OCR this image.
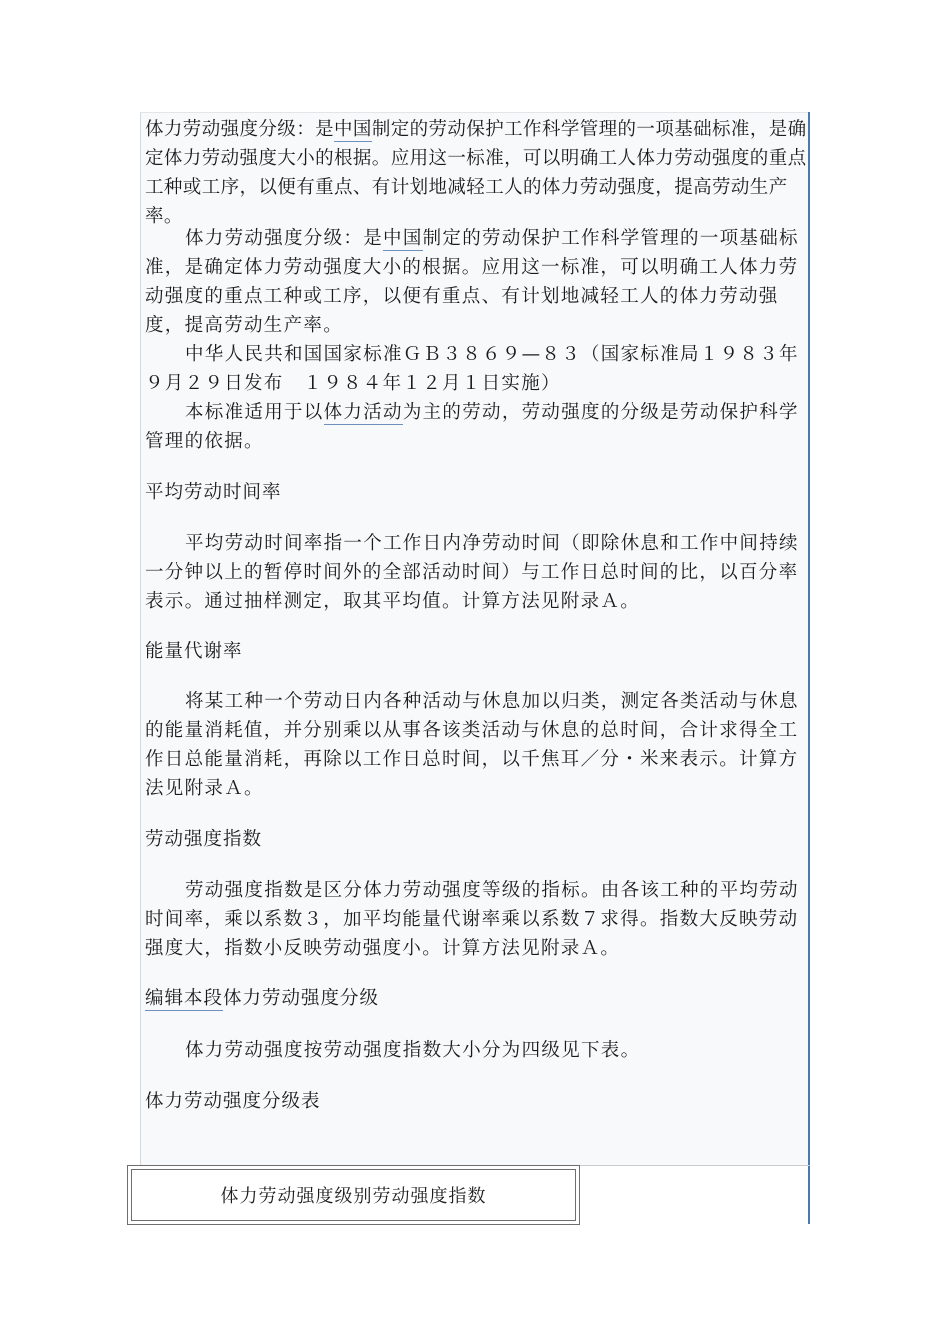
体力劳动强度分级：是中国制定的劳动保护工作科学管理的一项基础标准，是确定体力劳动强度大小的根据。应用这一标准，可以明确工人体力劳动强度的重点工种或工序，以便有重点、有计划地减轻工人的体力劳动强度，提高劳动生产率。

体力劳动强度分级：是中国制定的劳动保护工作科学管理的一项基础标准，是确定体力劳动强度大小的根据。应用这一标准，可以明确工人体力劳动强度的重点工种或工序，以便有重点、有计划地减轻工人的体力劳动强度，提高劳动生产率。

中华人民共和国国家标准ＧＢ３８６９—８３（国家标准局１９８３年９月２９日发布　１９８４年１２月１日实施）

本标准适用于以体力活动为主的劳动，劳动强度的分级是劳动保护科学管理的依据。

平均劳动时间率

平均劳动时间率指一个工作日内净劳动时间（即除休息和工作中间持续一分钟以上的暂停时间外的全部活动时间）与工作日总时间的比，以百分率表示。通过抽样测定，取其平均值。计算方法见附录Ａ。

能量代谢率

将某工种一个劳动日内各种活动与休息加以归类，测定各类活动与休息的能量消耗值，并分别乘以从事各该类活动与休息的总时间，合计求得全工作日总能量消耗，再除以工作日总时间，以千焦耳／分・米来表示。计算方法见附录Ａ。

劳动强度指数

劳动强度指数是区分体力劳动强度等级的指标。由各该工种的平均劳动时间率，乘以系数３，加平均能量代谢率乘以系数７求得。指数大反映劳动强度大，指数小反映劳动强度小。计算方法见附录Ａ。

编辑本段体力劳动强度分级

体力劳动强度按劳动强度指数大小分为四级见下表。

体力劳动强度分级表

体力劳动强度级别劳动强度指数
